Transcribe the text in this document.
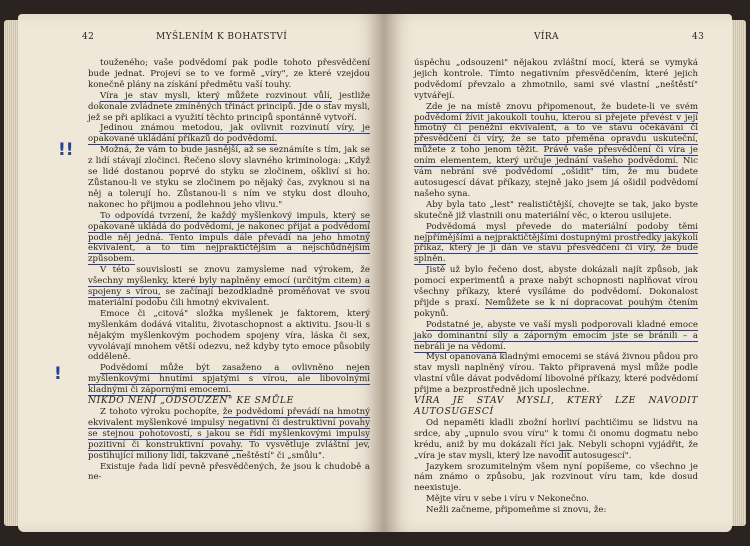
42	MYŠLENÍM K BOHATSTVÍ
!!
!

touženého; vaše podvědomí pak podle tohoto přesvědčení bude jednat. Projeví se to ve formě „víry", ze které vzejdou konečně plány na získání předmětu vaší touhy.

Víra je stav mysli, který můžete rozvinout vůlí, jestliže dokonale zvládnete zmíněných třináct principů. Jde o stav mysli, jež se při aplikaci a využití těchto principů spontánně vytvoří.

Jedinou známou metodou, jak ovlivnit rozvinutí víry, je opakované ukládání příkazů do podvědomí.

Možná, že vám to bude jasnější, až se seznámíte s tím, jak se z lidí stávají zločinci. Řečeno slovy slavného kriminologa: „Když se lidé dostanou poprvé do styku se zločinem, oškliví si ho. Zůstanou-li ve styku se zločinem po nějaký čas, zvyknou si na něj a tolerují ho. Zůstanou-li s ním ve styku dost dlouho, nakonec ho přijmou a podlehnou jeho vlivu."

To odpovídá tvrzení, že každý myšlenkový impuls, který se opakovaně ukládá do podvědomí, je nakonec přijat a podvědomí podle něj jedná. Tento impuls dále převádí na jeho hmotný ekvivalent, a to tím nejpraktičtějším a nejschůdnějším způsobem.

V této souvislosti se znovu zamysleme nad výrokem, že všechny myšlenky, které byly naplněny emocí (určitým citem) a spojeny s vírou, se začínají bezodkladně proměňovat ve svou materiální podobu čili hmotný ekvivalent.

Emoce či „citová" složka myšlenek je faktorem, který myšlenkám dodává vitalitu, životaschopnost a aktivitu. Jsou-li s nějakým myšlenkovým pochodem spojeny víra, láska či sex, vyvolávají mnohem větší odezvu, než kdyby tyto emoce působily odděleně.

Podvědomí může být zasaženo a ovlivněno nejen myšlenkovými hnutími spjatými s vírou, ale libovolnými kladnými či zápornými emocemi.

NIKDO NENÍ „ODSOUZEN" KE SMŮLE

Z tohoto výroku pochopíte, že podvědomí převádí na hmotný ekvivalent myšlenkové impulsy negativní či destruktivní povahy se stejnou pohotovostí, s jakou se řídí myšlenkovými impulsy pozitivní či konstruktivní povahy. To vysvětluje zvláštní jev, postihující miliony lidí, takzvané „neštěstí" či „smůlu".

Existuje řada lidí pevně přesvědčených, že jsou k chudobě a ne-

VÍRA	43

úspěchu „odsouzeni" nějakou zvláštní mocí, která se vymyká jejich kontrole. Tímto negativním přesvědčením, které jejich podvědomí převzalo a zhmotnilo, sami své vlastní „neštěstí" vytvářejí.

Zde je na místě znovu připomenout, že budete-li ve svém podvědomí žívit jakoukoli touhu, kterou si přejete převést v její hmotný či peněžní ekvivalent, a to ve stavu očekávání či přesvědčení či víry, že se tato přeměna opravdu uskuteční, můžete z toho jenom těžit. Právě vaše přesvědčení či víra je oním elementem, který určuje jednání vašeho podvědomí. Nic vám nebrání své podvědomí „ošidit" tím, že mu budete autosugescí dávat příkazy, stejně jako jsem já ošidil podvědomí našeho syna.

Aby byla tato „lest" realističtější, chovejte se tak, jako byste skutečně již vlastnili onu materiální věc, o kterou usilujete.

Podvědomá mysl převede do materiální podoby těmi nejpřímějšími a nejpraktičtějšími dostupnými prostředky jakýkoli příkaz, který je jí dán ve stavu přesvědčení či víry, že bude splněn.

Jistě už bylo řečeno dost, abyste dokázali najít způsob, jak pomocí experimentů a praxe nabýt schopnosti naplňovat vírou všechny příkazy, které vysíláme do podvědomí. Dokonalost přijde s praxí. Nemůžete se k ní dopracovat pouhým čtením pokynů.

Podstatné je, abyste ve vaší mysli podporovali kladné emoce jako dominantní síly a záporným emocím jste se bránili – a nebráli je na vědomí.

Mysl opanovaná kladnými emocemi se stává živnou půdou pro stav mysli naplněný vírou. Takto připravená mysl může podle vlastní vůle dávat podvědomí libovolné příkazy, které podvědomí přijme a bezprostředně jich uposlechne.

VÍRA JE STAV MYSLI, KTERÝ LZE NAVODIT AUTOSUGESCÍ

Od nepaměti kladli zbožní horliví pachtičimu se lidstvu na srdce, aby „upnulo svou víru" k tomu či onomu dogmatu nebo krédu, aniž by mu dokázali říci jak. Nebyli schopni vyjádřit, že „víra je stav mysli, který lze navodit autosugescí".

Jazykem srozumitelným všem nyní popíšeme, co všechno je nám známo o způsobu, jak rozvinout víru tam, kde dosud neexistuje.

Mějte víru v sebe i víru v Nekonečno.

Nežli začneme, připomeňme si znovu, že:
